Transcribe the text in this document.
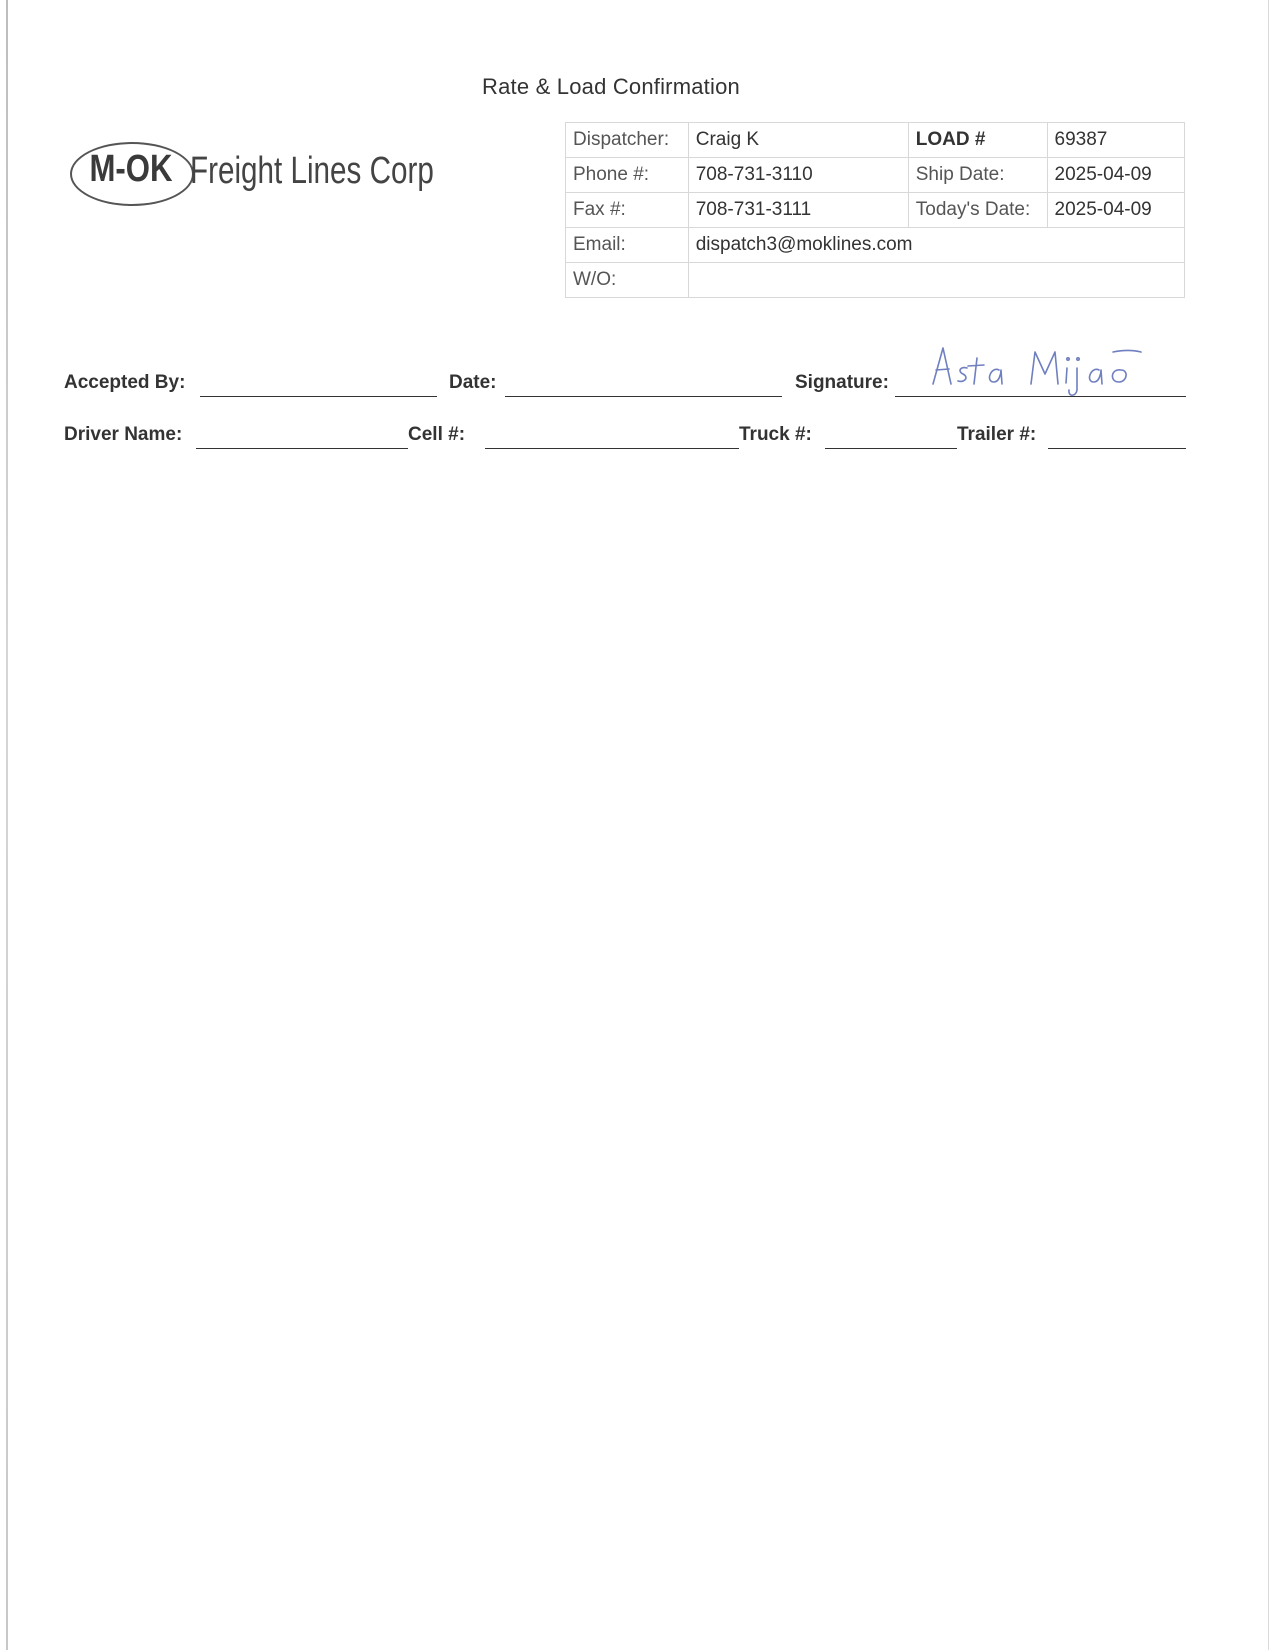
Rate & Load Confirmation
M-OK Freight Lines Corp
Dispatcher:	Craig K	LOAD #	69387
Phone #:	708-731-3110	Ship Date:	2025-04-09
Fax #:	708-731-3111	Today's Date:	2025-04-09
Email:	dispatch3@moklines.com		
W/O:			
Accepted By:	Date:	Signature:
Driver Name:	Cell #:	Truck #:	Trailer #:
